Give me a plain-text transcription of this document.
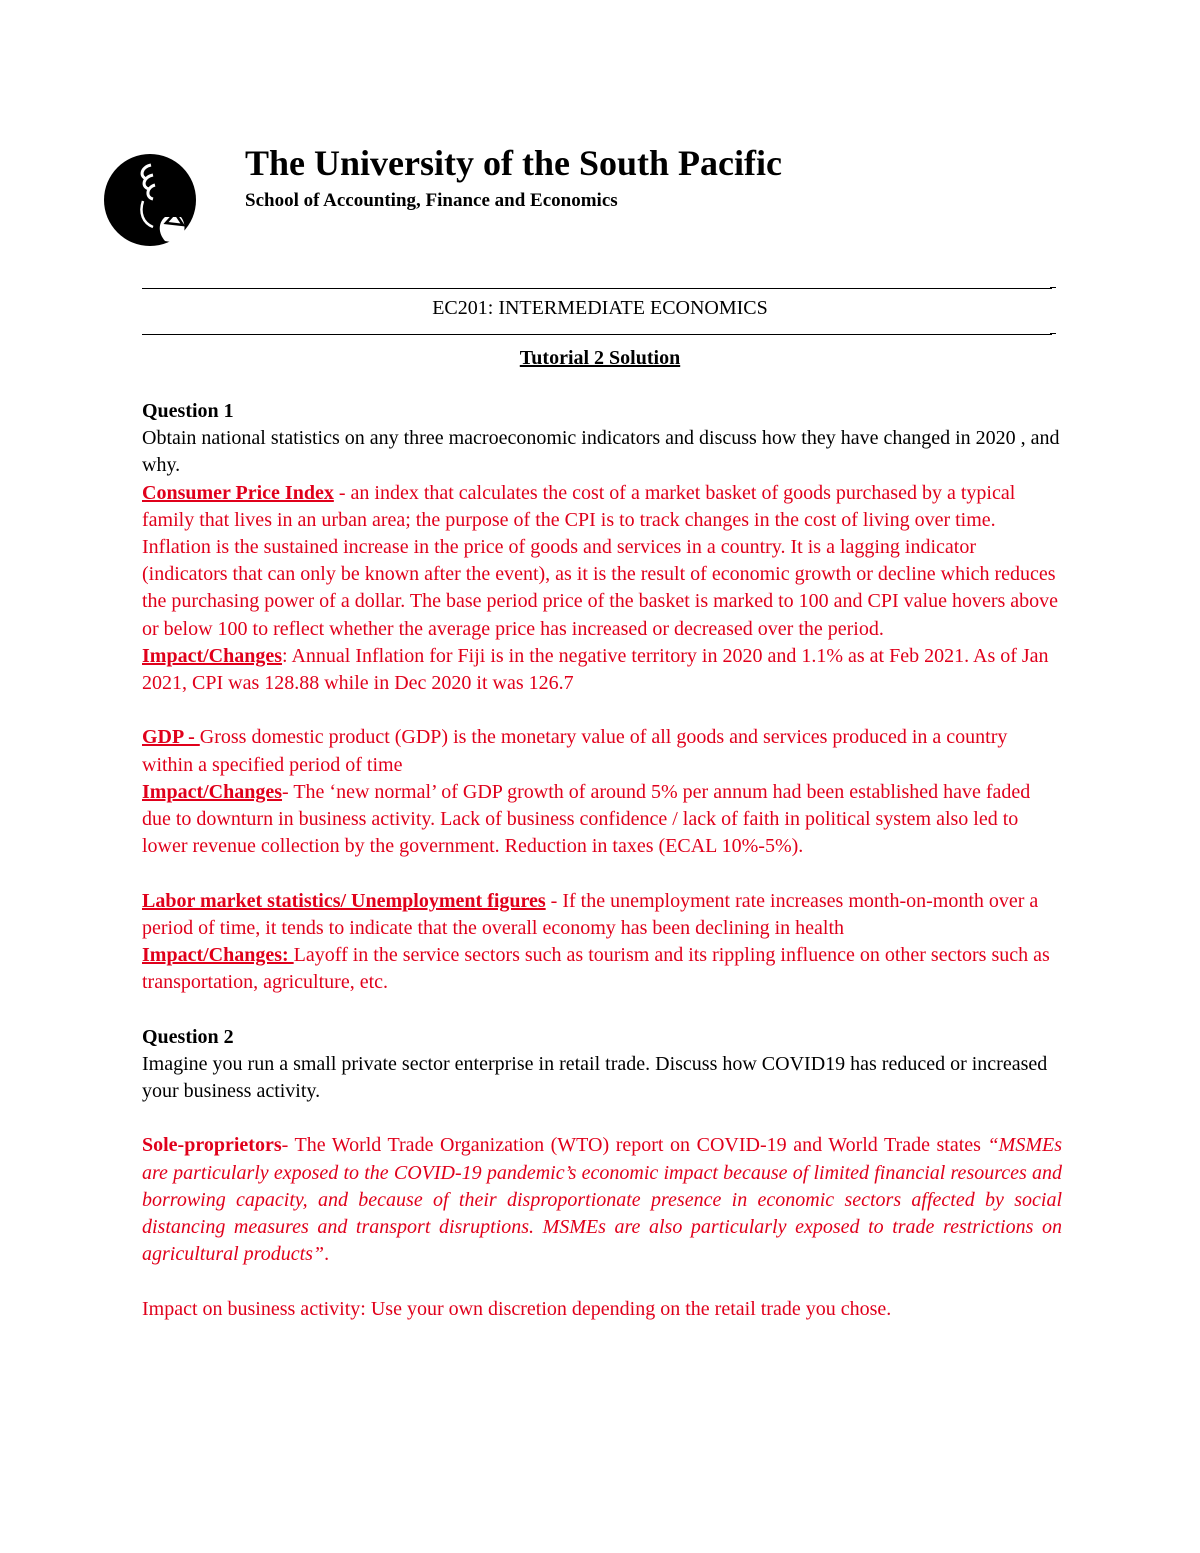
The University of the South Pacific
School of Accounting, Finance and Economics
EC201: INTERMEDIATE ECONOMICS
Tutorial 2 Solution

Question 1

Obtain national statistics on any three macroeconomic indicators and discuss how they have changed in 2020 , and why.

Consumer Price Index - an index that calculates the cost of a market basket of goods purchased by a typical family that lives in an urban area; the purpose of the CPI is to track changes in the cost of living over time. Inflation is the sustained increase in the price of goods and services in a country. It is a lagging indicator (indicators that can only be known after the event), as it is the result of economic growth or decline which reduces the purchasing power of a dollar. The base period price of the basket is marked to 100 and CPI value hovers above or below 100 to reflect whether the average price has increased or decreased over the period.

Impact/Changes: Annual Inflation for Fiji is in the negative territory in 2020 and 1.1% as at Feb 2021. As of Jan 2021, CPI was 128.88 while in Dec 2020 it was 126.7

GDP - Gross domestic product (GDP) is the monetary value of all goods and services produced in a country within a specified period of time

Impact/Changes- The ‘new normal’ of GDP growth of around 5% per annum had been established have faded due to downturn in business activity. Lack of business confidence / lack of faith in political system also led to lower revenue collection by the government. Reduction in taxes (ECAL 10%-5%).

Labor market statistics/ Unemployment figures - If the unemployment rate increases month-on-month over a period of time, it tends to indicate that the overall economy has been declining in health

Impact/Changes: Layoff in the service sectors such as tourism and its rippling influence on other sectors such as transportation, agriculture, etc.

Question 2

Imagine you run a small private sector enterprise in retail trade. Discuss how COVID19 has reduced or increased your business activity.

Sole-proprietors- The World Trade Organization (WTO) report on COVID-19 and World Trade states “MSMEs are particularly exposed to the COVID-19 pandemic’s economic impact because of limited financial resources and borrowing capacity, and because of their disproportionate presence in economic sectors affected by social distancing measures and transport disruptions. MSMEs are also particularly exposed to trade restrictions on agricultural products”.

Impact on business activity: Use your own discretion depending on the retail trade you chose.
